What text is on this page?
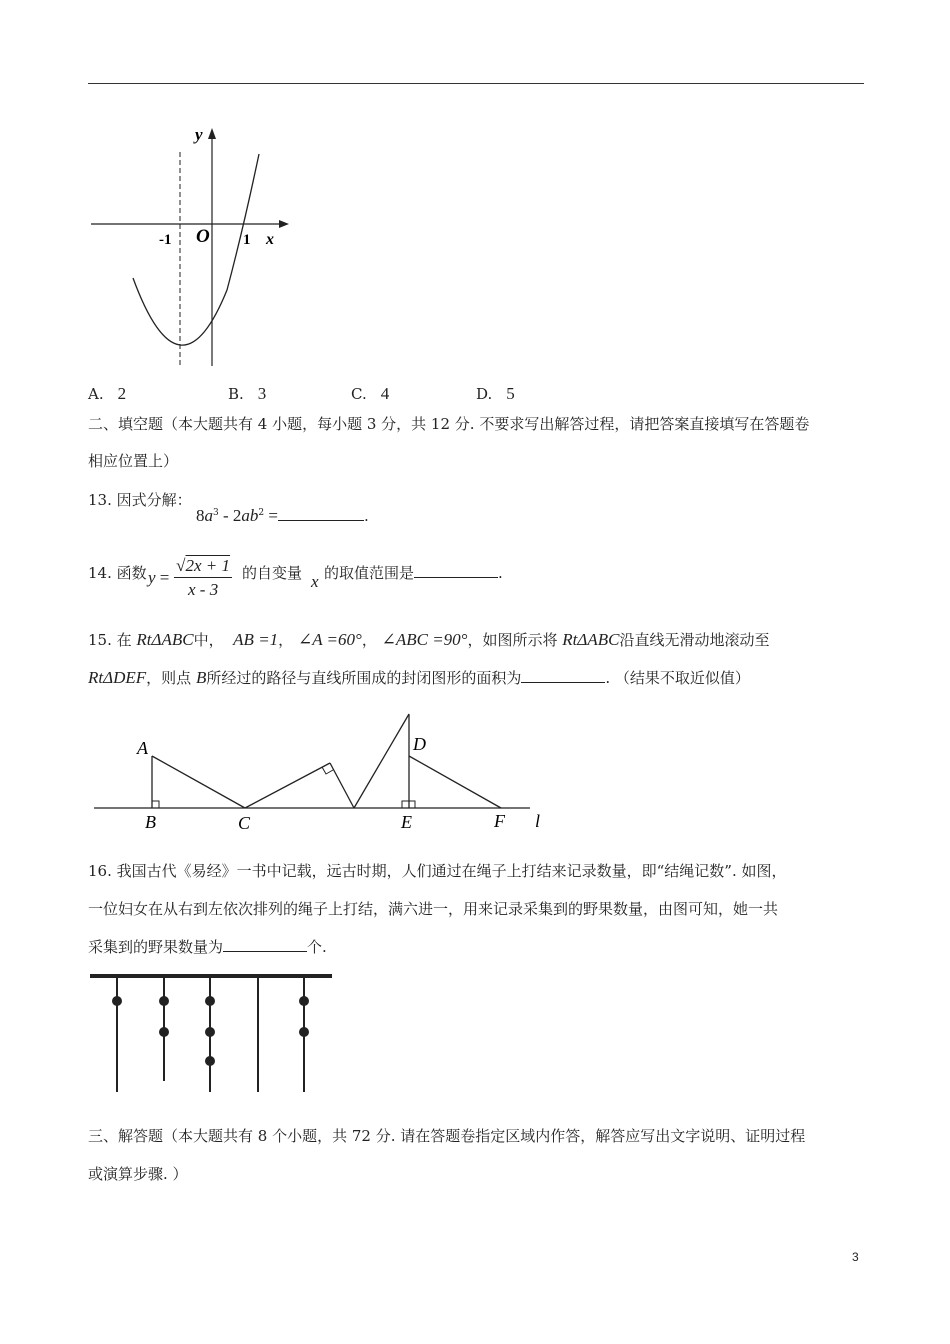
y
x
O
-1	1
A. 2	B. 3	C. 4	D. 5
二、填空题（本大题共有 4 小题，每小题 3 分，共 12 分. 不要求写出解答过程，请把答案直接填写在答题卷
相应位置上）
13. 因式分解：
$8a^3 - 2ab^2$ =	.
14. 函数 $y = \frac{√2x + 1}{x - 3}$ 的自变量 x 的取值范围是	.
15. 在 RtΔABC中， AB =1， ∠A =60°， ∠ABC =90°，如图所示将 RtΔABC沿直线无滑动地滚动至
RtΔDEF，则点 B所经过的路径与直线所围成的封闭图形的面积为	. （结果不取近似值）
A
B	C
D
E	F l
16. 我国古代《易经》一书中记载，远古时期，人们通过在绳子上打结来记录数量，即“结绳记数”. 如图，
一位妇女在从右到左依次排列的绳子上打结，满六进一，用来记录采集到的野果数量，由图可知，她一共
采集到的野果数量为	个.
三、解答题（本大题共有 8 个小题，共 72 分. 请在答题卷指定区域内作答，解答应写出文字说明、证明过程
或演算步骤. ）
3
